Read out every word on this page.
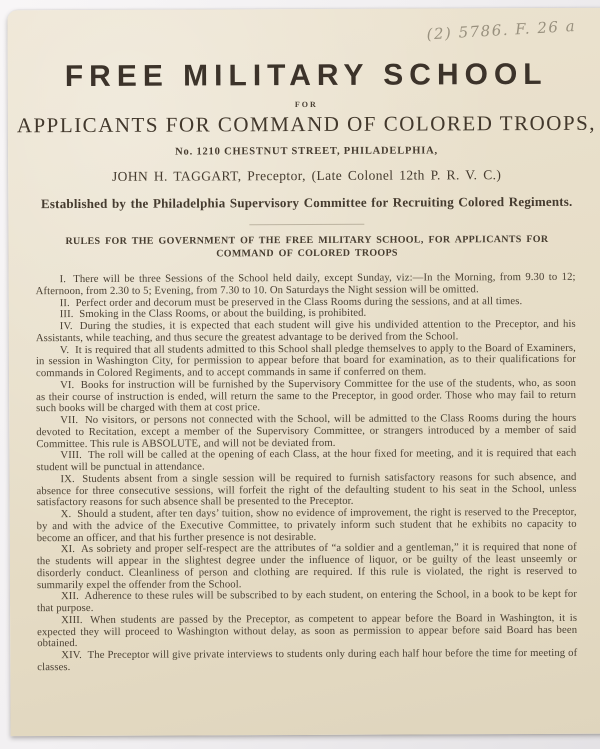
(2) 5786. F. 26 a
FREE MILITARY SCHOOL
FOR
APPLICANTS FOR COMMAND OF COLORED TROOPS,
No. 1210 CHESTNUT STREET, PHILADELPHIA,
JOHN H. TAGGART, Preceptor, (Late Colonel 12th P. R. V. C.)
Established by the Philadelphia Supervisory Committee for Recruiting Colored Regiments.
RULES FOR THE GOVERNMENT OF THE FREE MILITARY SCHOOL, FOR APPLICANTS FOR COMMAND OF COLORED TROOPS

I. There will be three Sessions of the School held daily, except Sunday, viz:—In the Morning, from 9.30 to 12; Afternoon, from 2.30 to 5; Evening, from 7.30 to 10. On Saturdays the Night session will be omitted.

II. Perfect order and decorum must be preserved in the Class Rooms during the sessions, and at all times.

III. Smoking in the Class Rooms, or about the building, is prohibited.

IV. During the studies, it is expected that each student will give his undivided attention to the Preceptor, and his Assistants, while teaching, and thus secure the greatest advantage to be derived from the School.

V. It is required that all students admitted to this School shall pledge themselves to apply to the Board of Examiners, in session in Washington City, for permission to appear before that board for examination, as to their qualifications for commands in Colored Regiments, and to accept commands in same if conferred on them.

VI. Books for instruction will be furnished by the Supervisory Committee for the use of the students, who, as soon as their course of instruction is ended, will return the same to the Preceptor, in good order. Those who may fail to return such books will be charged with them at cost price.

VII. No visitors, or persons not connected with the School, will be admitted to the Class Rooms during the hours devoted to Recitation, except a member of the Supervisory Committee, or strangers introduced by a member of said Committee. This rule is ABSOLUTE, and will not be deviated from.

VIII. The roll will be called at the opening of each Class, at the hour fixed for meeting, and it is required that each student will be punctual in attendance.

IX. Students absent from a single session will be required to furnish satisfactory reasons for such absence, and absence for three consecutive sessions, will forfeit the right of the defaulting student to his seat in the School, unless satisfactory reasons for such absence shall be presented to the Preceptor.

X. Should a student, after ten days’ tuition, show no evidence of improvement, the right is reserved to the Preceptor, by and with the advice of the Executive Committee, to privately inform such student that he exhibits no capacity to become an officer, and that his further presence is not desirable.

XI. As sobriety and proper self-respect are the attributes of “a soldier and a gentleman,” it is required that none of the students will appear in the slightest degree under the influence of liquor, or be guilty of the least unseemly or disorderly conduct. Cleanliness of person and clothing are required. If this rule is violated, the right is reserved to summarily expel the offender from the School.

XII. Adherence to these rules will be subscribed to by each student, on entering the School, in a book to be kept for that purpose.

XIII. When students are passed by the Preceptor, as competent to appear before the Board in Washington, it is expected they will proceed to Washington without delay, as soon as permission to appear before said Board has been obtained.

XIV. The Preceptor will give private interviews to students only during each half hour before the time for meeting of classes.
